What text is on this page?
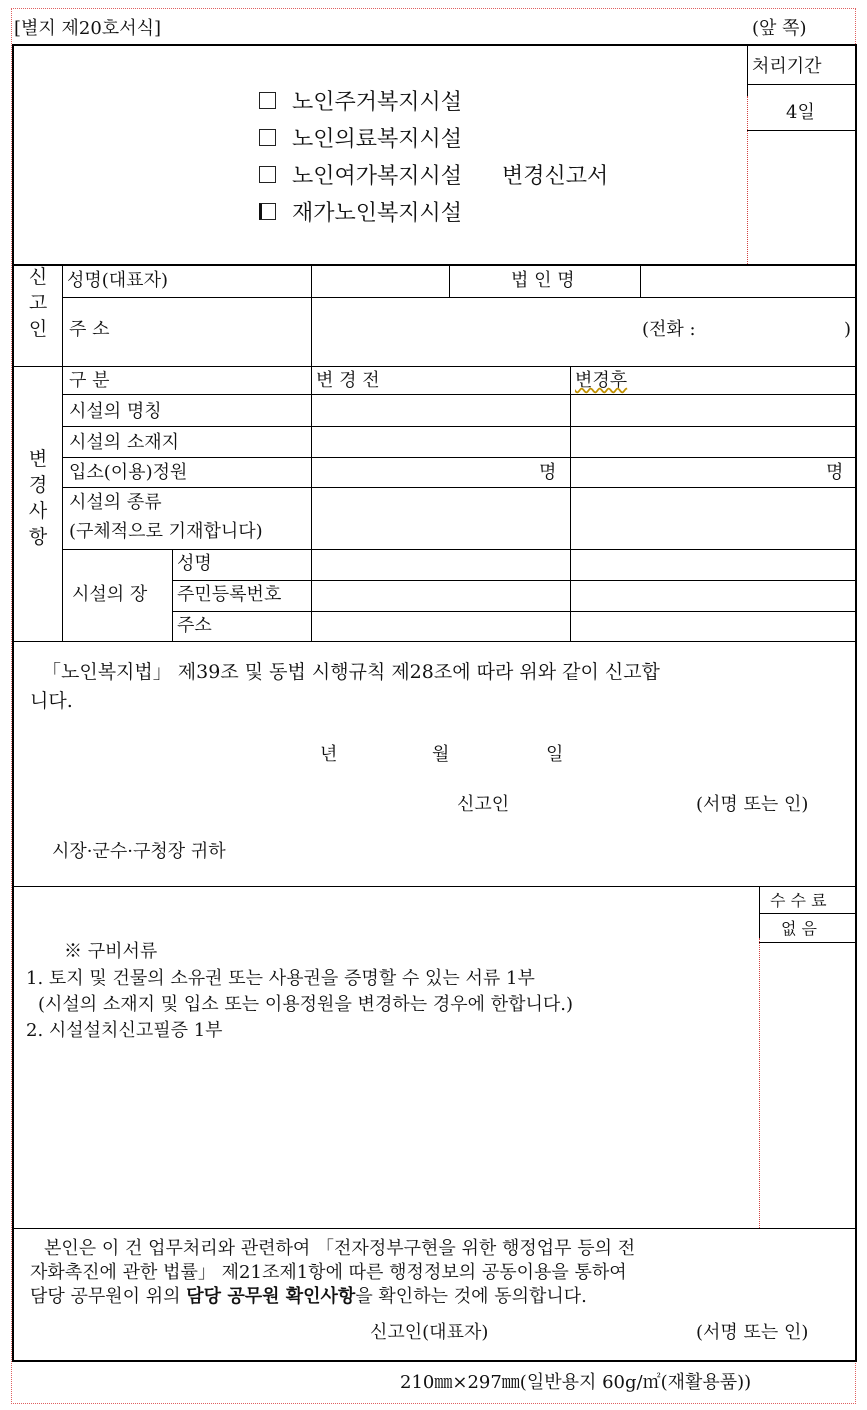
[별지 제20호서식]	(앞 쪽)
노인주거복지시설
노인의료복지시설
노인여가복지시설 변경신고서
재가노인복지시설
처리기간
4일
신
고
인
성명(대표자)	법 인 명
주 소	(전화 :	)
변
경
사
항
구 분	변 경 전	변경후
시설의 명칭
시설의 소재지
입소(이용)정원	명	명
시설의 종류
(구체적으로 기재합니다)
시설의 장
성명
주민등록번호
주소
「노인복지법」 제39조 및 동법 시행규칙 제28조에 따라 위와 같이 신고합
니다.
년	월	일
신고인	(서명 또는 인)
시장·군수·구청장 귀하
수 수 료
없 음
※ 구비서류
1. 토지 및 건물의 소유권 또는 사용권을 증명할 수 있는 서류 1부
(시설의 소재지 및 입소 또는 이용정원을 변경하는 경우에 한합니다.)
2. 시설설치신고필증 1부
본인은 이 건 업무처리와 관련하여 「전자정부구현을 위한 행정업무 등의 전
자화촉진에 관한 법률」 제21조제1항에 따른 행정정보의 공동이용을 통하여
담당 공무원이 위의 담당 공무원 확인사항을 확인하는 것에 동의합니다.
신고인(대표자)	(서명 또는 인)
210㎜×297㎜(일반용지 60g/㎡(재활용품))
